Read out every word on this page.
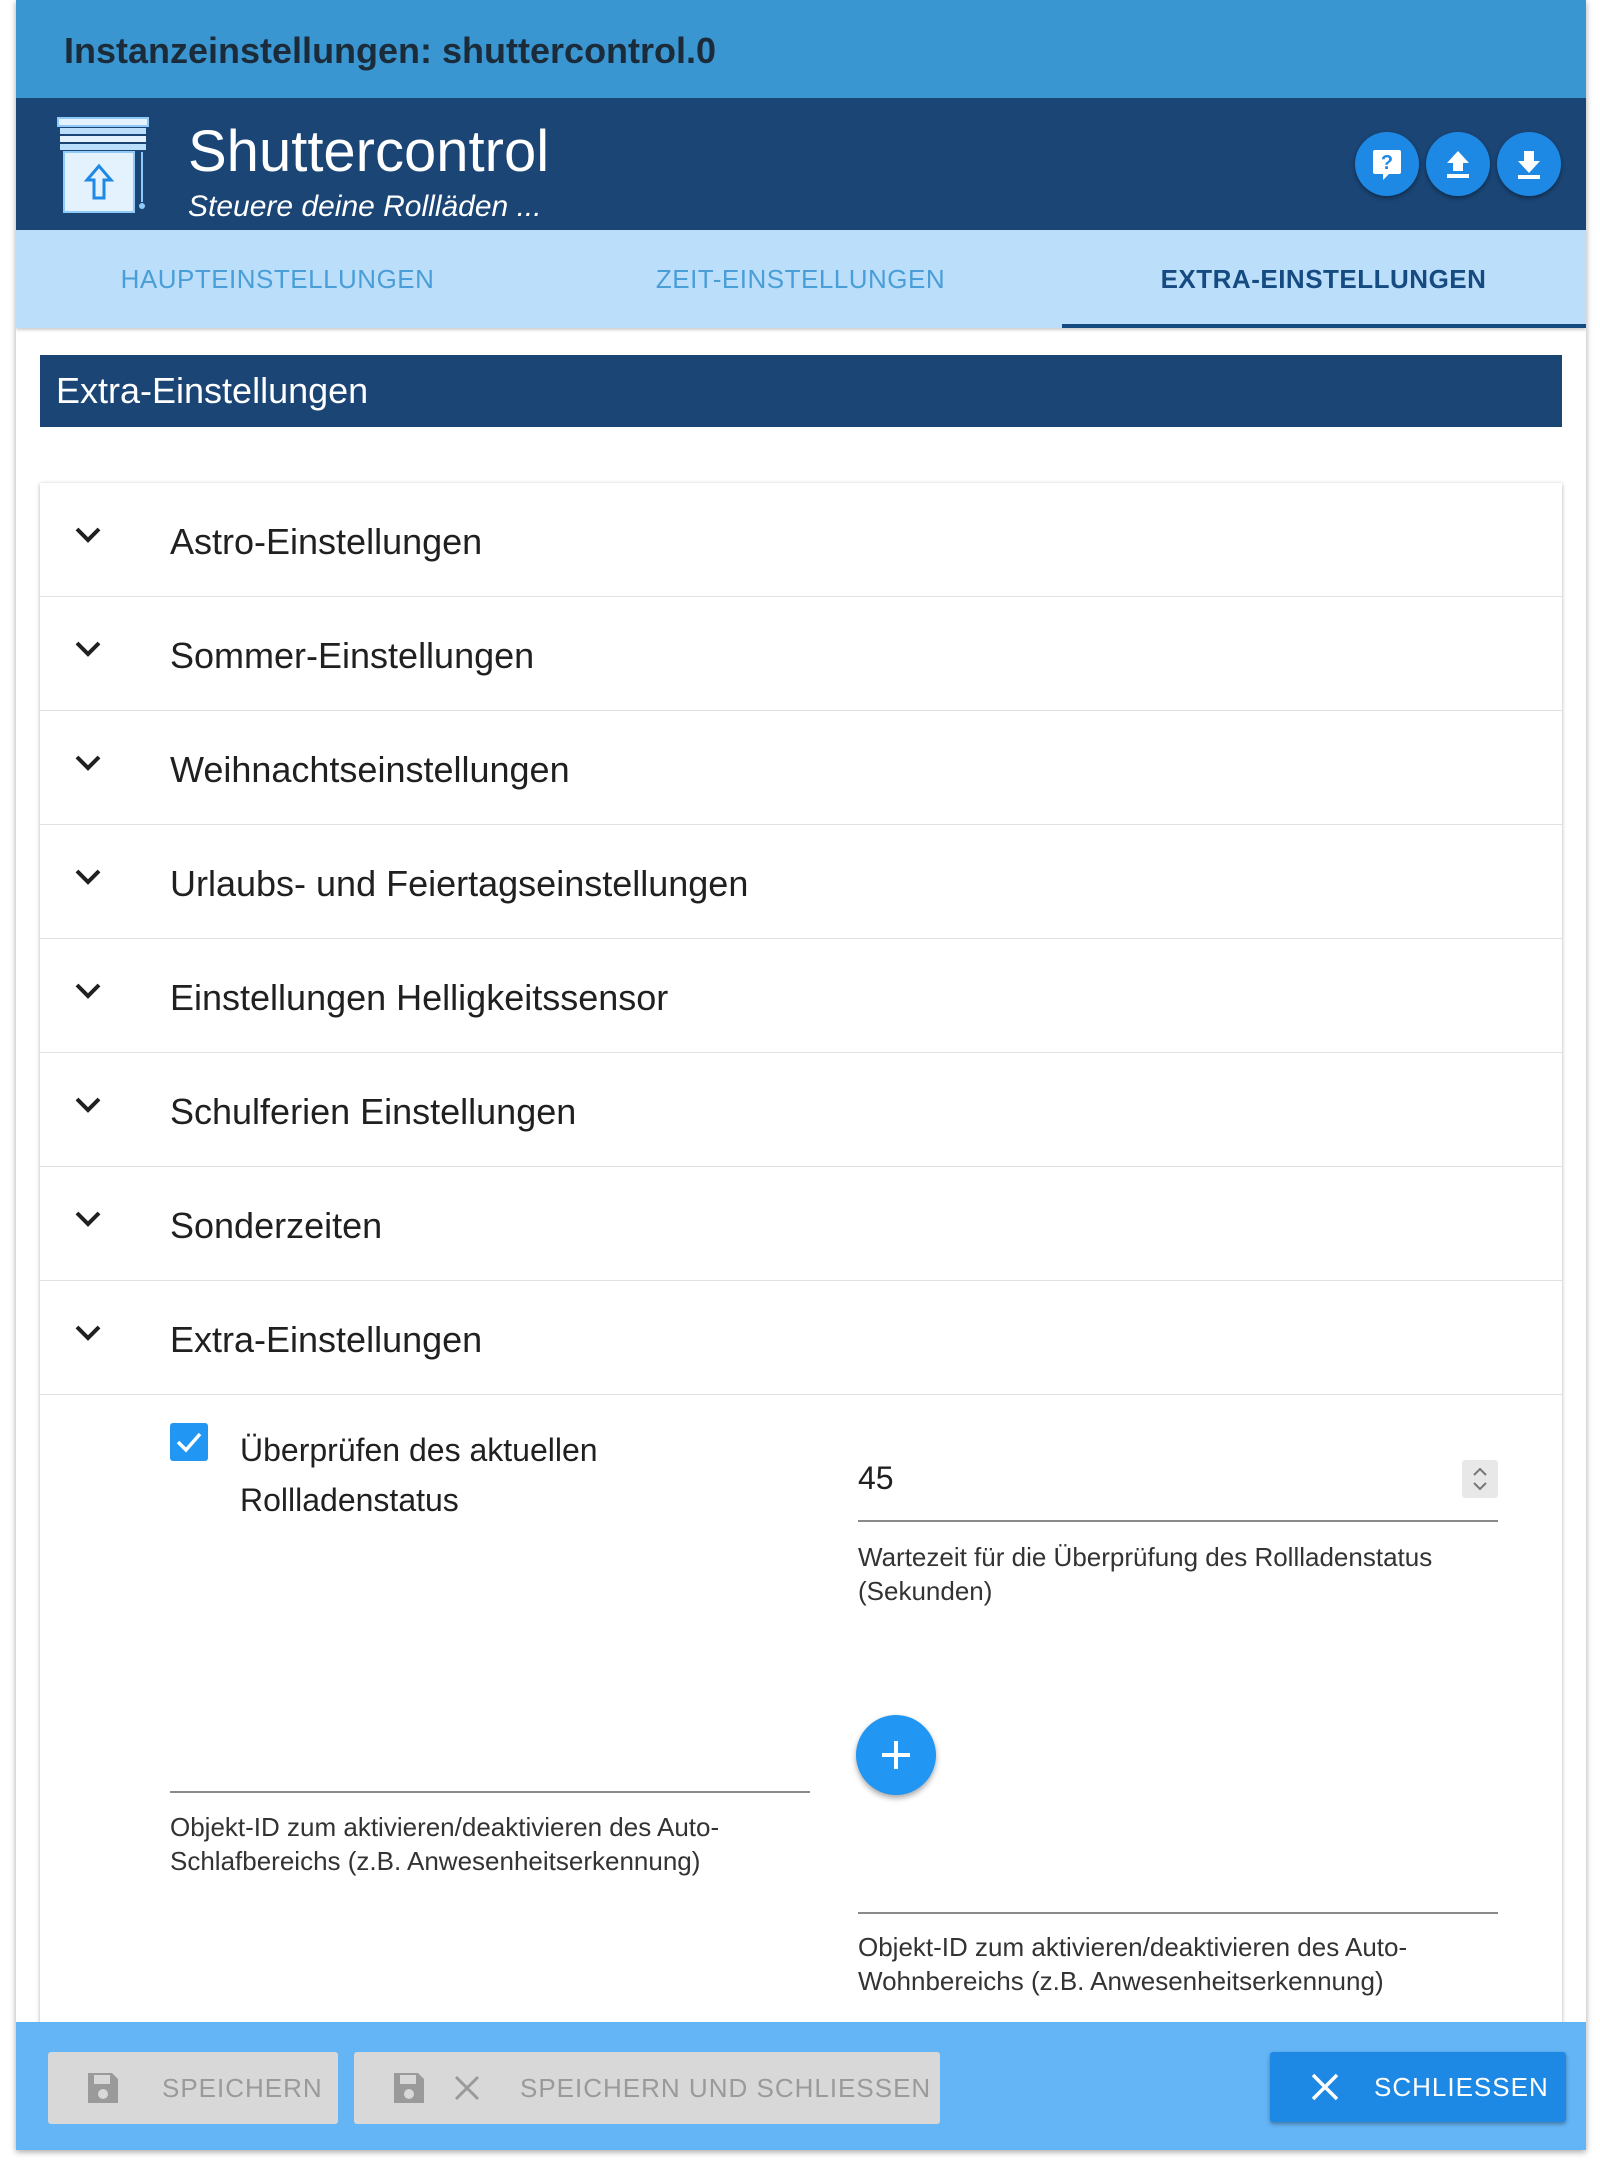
Instanzeinstellungen: shuttercontrol.0
Shuttercontrol
Steuere deine Rollläden ...
?
HAUPTEINSTELLUNGEN	ZEIT-EINSTELLUNGEN	EXTRA-EINSTELLUNGEN
Extra-Einstellungen
Astro-Einstellungen
Sommer-Einstellungen
Weihnachtseinstellungen
Urlaubs- und Feiertagseinstellungen
Einstellungen Helligkeitssensor
Schulferien Einstellungen
Sonderzeiten
Extra-Einstellungen
Überprüfen des aktuellen Rollladenstatus
45
Wartezeit für die Überprüfung des Rollladenstatus (Sekunden)
Objekt-ID zum aktivieren/deaktivieren des Auto-Schlafbereichs (z.B. Anwesenheitserkennung)
Objekt-ID zum aktivieren/deaktivieren des Auto-Wohnbereichs (z.B. Anwesenheitserkennung)
SPEICHERN	SPEICHERN UND SCHLIESSEN	SCHLIESSEN
